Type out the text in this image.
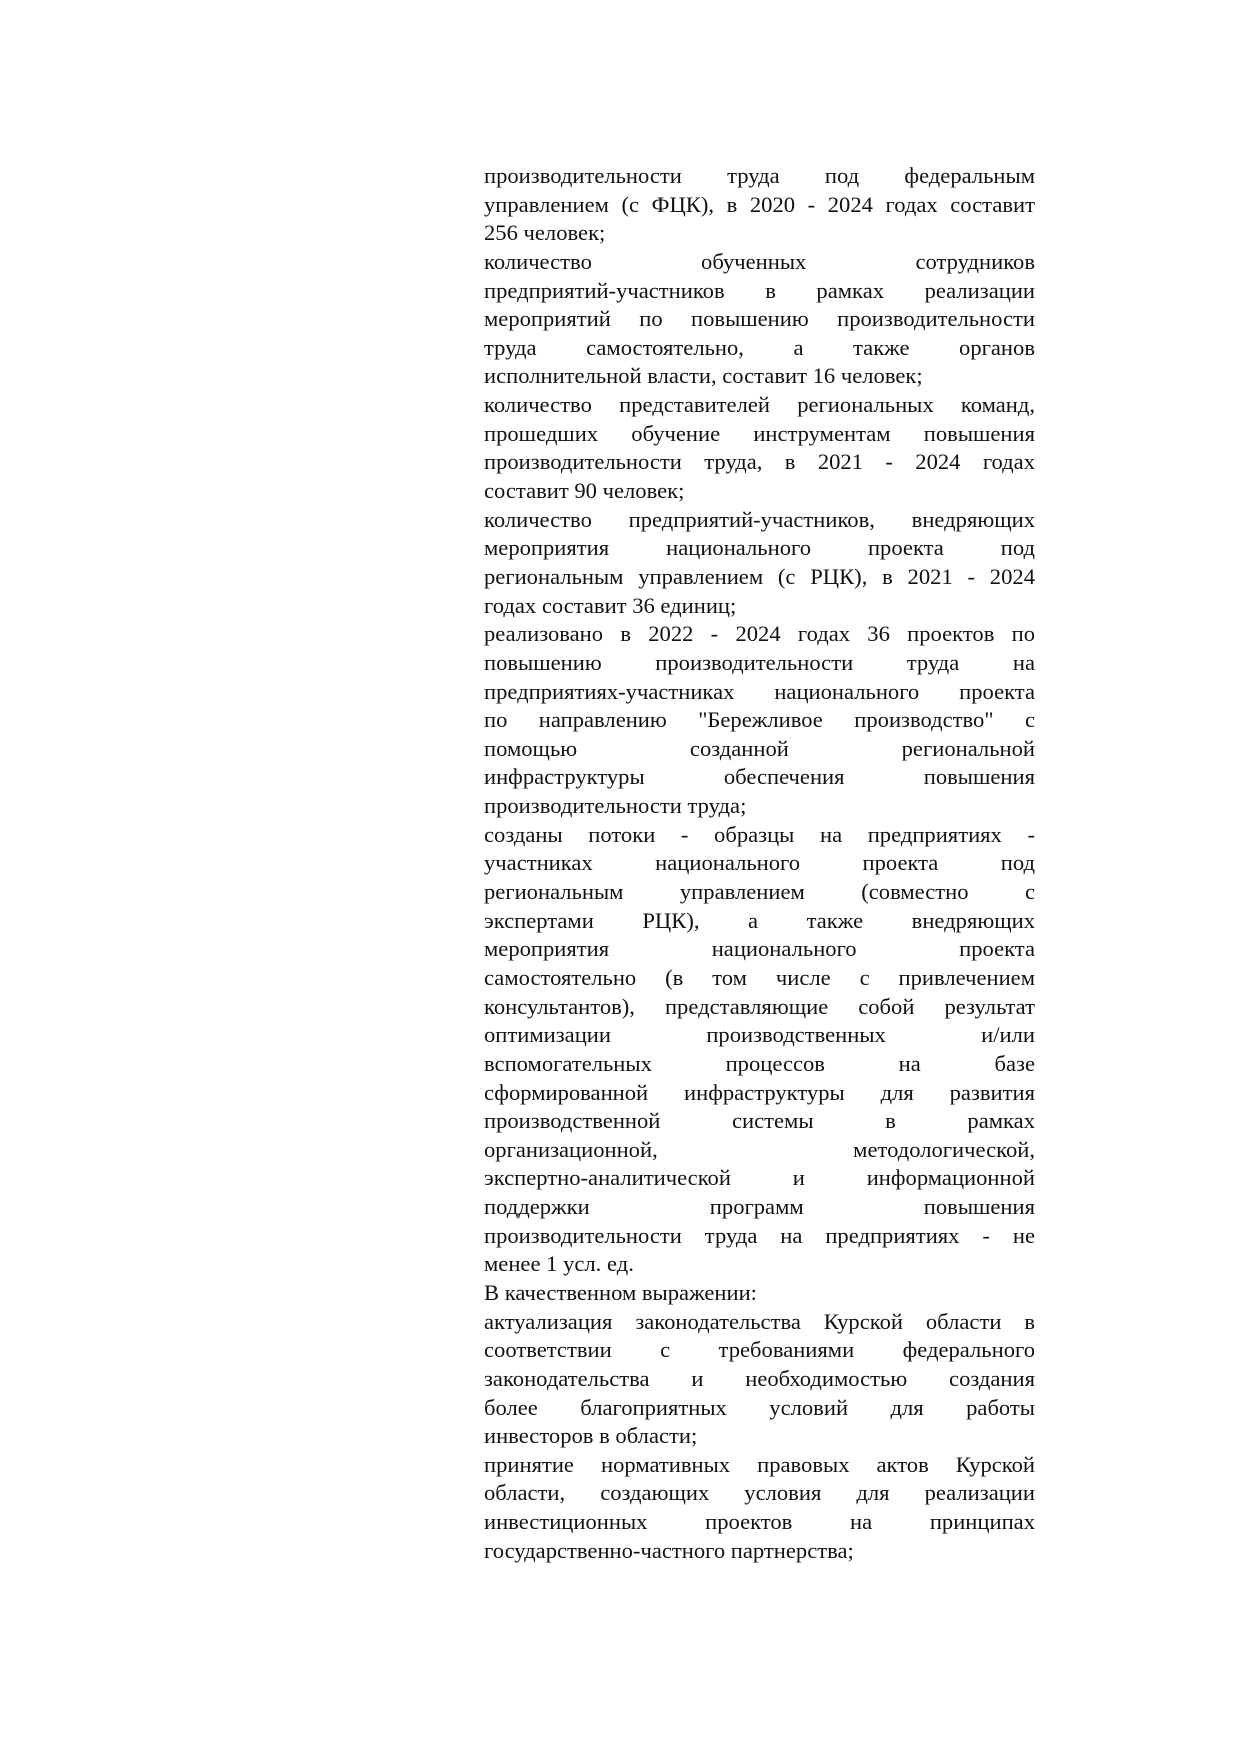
производительности труда под федеральным
управлением (с ФЦК), в 2020 - 2024 годах составит
256 человек;
количество обученных сотрудников
предприятий-участников в рамках реализации
мероприятий по повышению производительности
труда самостоятельно, а также органов
исполнительной власти, составит 16 человек;
количество представителей региональных команд,
прошедших обучение инструментам повышения
производительности труда, в 2021 - 2024 годах
составит 90 человек;
количество предприятий-участников, внедряющих
мероприятия национального проекта под
региональным управлением (с РЦК), в 2021 - 2024
годах составит 36 единиц;
реализовано в 2022 - 2024 годах 36 проектов по
повышению производительности труда на
предприятиях-участниках национального проекта
по направлению "Бережливое производство" с
помощью созданной региональной
инфраструктуры обеспечения повышения
производительности труда;
созданы потоки - образцы на предприятиях -
участниках национального проекта под
региональным управлением (совместно с
экспертами РЦК), а также внедряющих
мероприятия национального проекта
самостоятельно (в том числе с привлечением
консультантов), представляющие собой результат
оптимизации производственных и/или
вспомогательных процессов на базе
сформированной инфраструктуры для развития
производственной системы в рамках
организационной, методологической,
экспертно-аналитической и информационной
поддержки программ повышения
производительности труда на предприятиях - не
менее 1 усл. ед.
В качественном выражении:
актуализация законодательства Курской области в
соответствии с требованиями федерального
законодательства и необходимостью создания
более благоприятных условий для работы
инвесторов в области;
принятие нормативных правовых актов Курской
области, создающих условия для реализации
инвестиционных проектов на принципах
государственно-частного партнерства;
